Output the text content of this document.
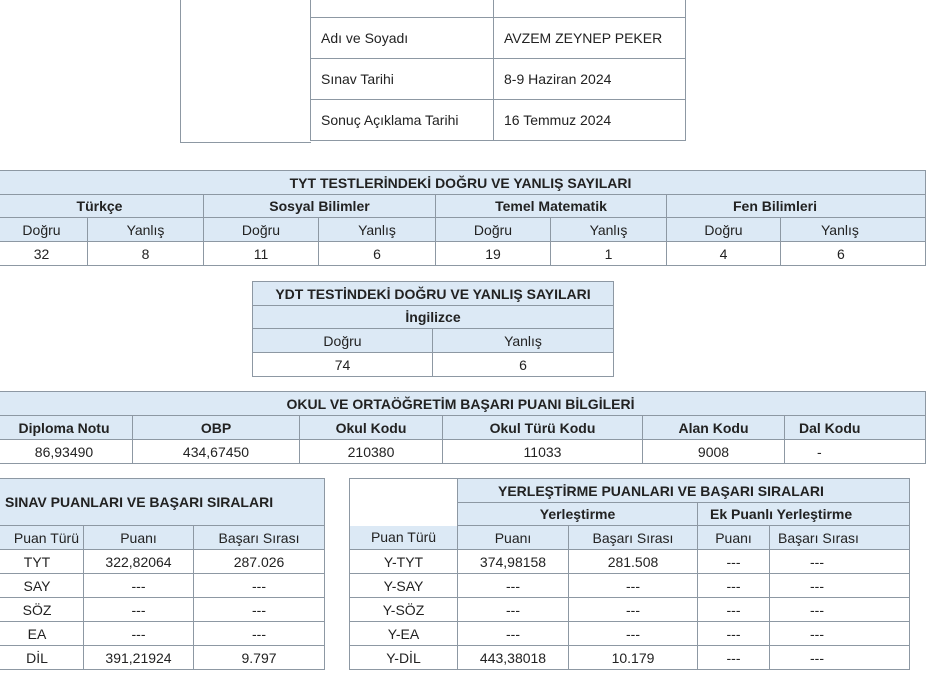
Adı ve Soyadı	AVZEM ZEYNEP PEKER
Sınav Tarihi	8-9 Haziran 2024
Sonuç Açıklama Tarihi	16 Temmuz 2024
TYT TESTLERİNDEKİ DOĞRU VE YANLIŞ SAYILARI							
Türkçe		Sosyal Bilimler		Temel Matematik		Fen Bilimleri	
Doğru	Yanlış	Doğru	Yanlış	Doğru	Yanlış	Doğru	Yanlış
32	8	11	6	19	1	4	6
YDT TESTİNDEKİ DOĞRU VE YANLIŞ SAYILARI	
İngilizce	
Doğru	Yanlış
74	6
OKUL VE ORTAÖĞRETİM BAŞARI PUANI BİLGİLERİ					
Diploma Notu	OBP	Okul Kodu	Okul Türü Kodu	Alan Kodu	Dal Kodu
86,93490	434,67450	210380	11033	9008	-
SINAV PUANLARI VE BAŞARI SIRALARI		
Puan Türü	Puanı	Başarı Sırası
TYT	322,82064	287.026
SAY	---	---
SÖZ	---	---
EA	---	---
DİL	391,21924	9.797
	YERLEŞTİRME PUANLARI VE BAŞARI SIRALARI			
	Yerleştirme		Ek Puanlı Yerleştirme	
Puan Türü	Puanı	Başarı Sırası	Puanı	Başarı Sırası
Y-TYT	374,98158	281.508	---	---
Y-SAY	---	---	---	---
Y-SÖZ	---	---	---	---
Y-EA	---	---	---	---
Y-DİL	443,38018	10.179	---	---
